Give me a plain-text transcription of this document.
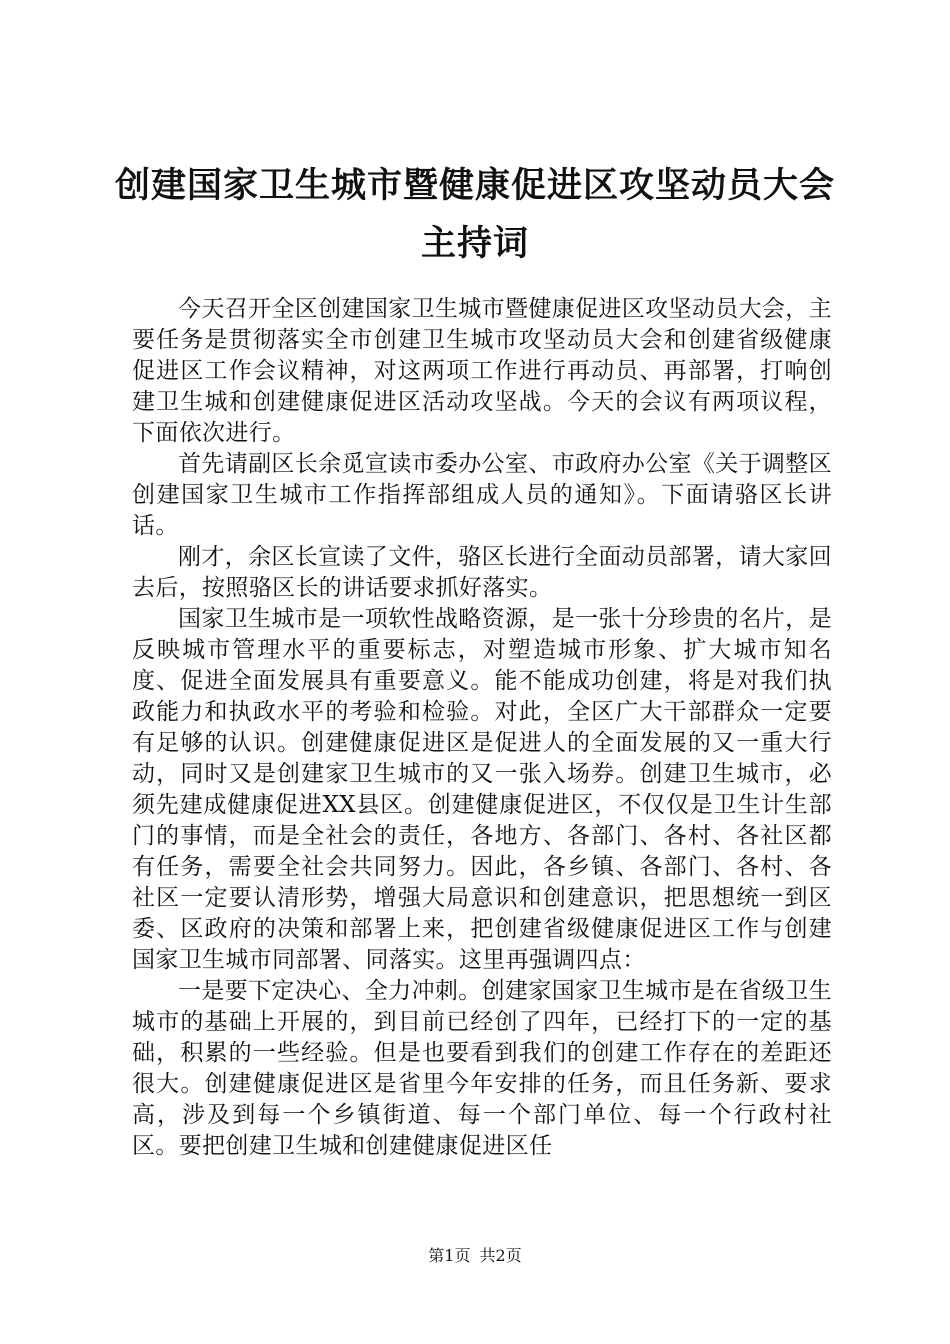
创建国家卫生城市暨健康促进区攻坚动员大会
主持词

今天召开全区创建国家卫生城市暨健康促进区攻坚动员大会，主要任务是贯彻落实全市创建卫生城市攻坚动员大会和创建省级健康促进区工作会议精神，对这两项工作进行再动员、再部署，打响创建卫生城和创建健康促进区活动攻坚战。今天的会议有两项议程，下面依次进行。

首先请副区长余觅宣读市委办公室、市政府办公室《关于调整区创建国家卫生城市工作指挥部组成人员的通知》。下面请骆区长讲话。

刚才，余区长宣读了文件，骆区长进行全面动员部署，请大家回去后，按照骆区长的讲话要求抓好落实。

国家卫生城市是一项软性战略资源，是一张十分珍贵的名片，是反映城市管理水平的重要标志，对塑造城市形象、扩大城市知名度、促进全面发展具有重要意义。能不能成功创建，将是对我们执政能力和执政水平的考验和检验。对此，全区广大干部群众一定要有足够的认识。创建健康促进区是促进人的全面发展的又一重大行动，同时又是创建家卫生城市的又一张入场券。创建卫生城市，必须先建成健康促进XX县区。创建健康促进区，不仅仅是卫生计生部门的事情，而是全社会的责任，各地方、各部门、各村、各社区都有任务，需要全社会共同努力。因此，各乡镇、各部门、各村、各社区一定要认清形势，增强大局意识和创建意识，把思想统一到区委、区政府的决策和部署上来，把创建省级健康促进区工作与创建国家卫生城市同部署、同落实。这里再强调四点：

一是要下定决心、全力冲刺。创建家国家卫生城市是在省级卫生城市的基础上开展的，到目前已经创了四年，已经打下的一定的基础，积累的一些经验。但是也要看到我们的创建工作存在的差距还很大。创建健康促进区是省里今年安排的任务，而且任务新、要求高，涉及到每一个乡镇街道、每一个部门单位、每一个行政村社区。要把创建卫生城和创建健康促进区任

第1页 共2页
